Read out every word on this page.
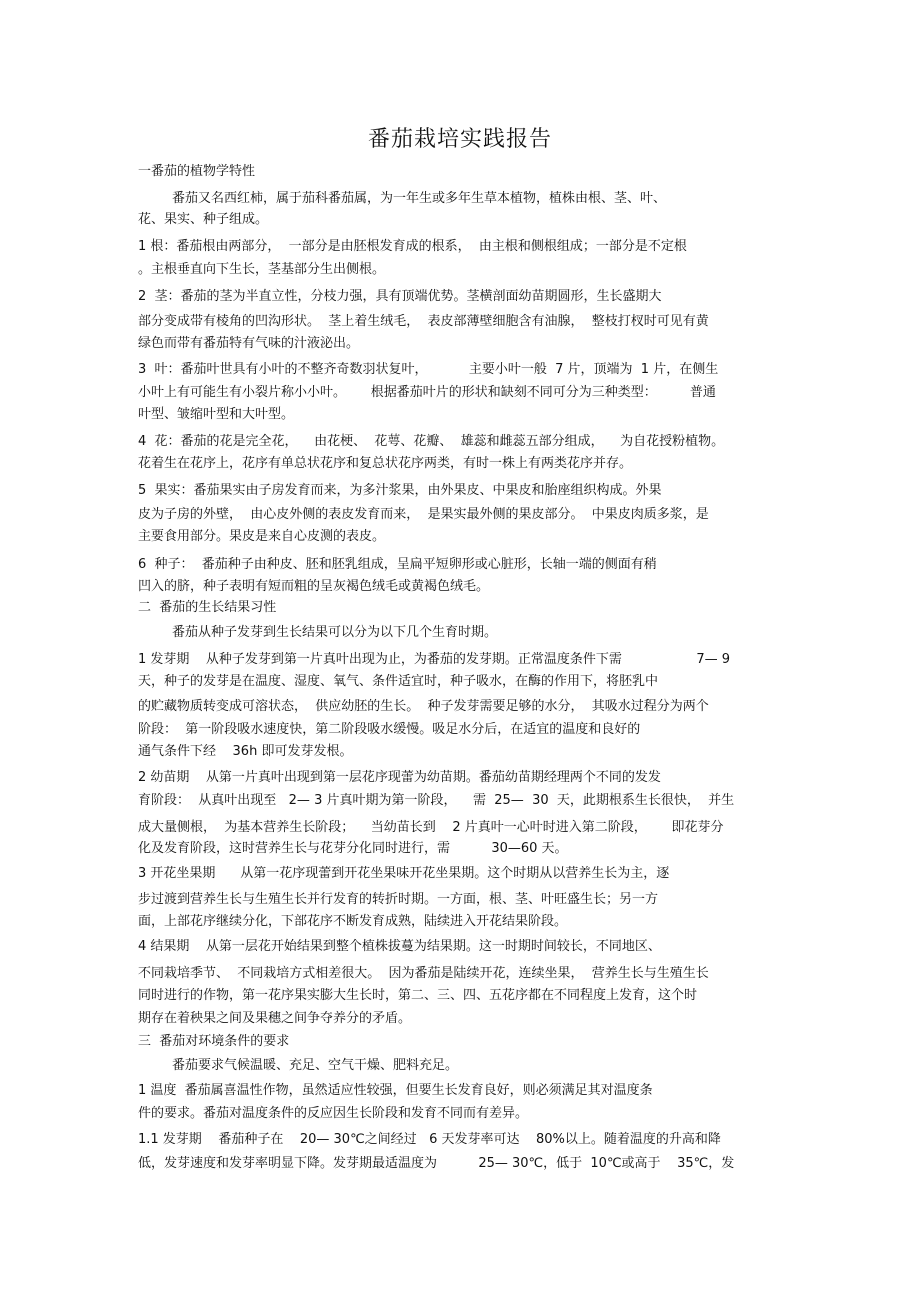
番茄栽培实践报告
一番茄的植物学特性
番茄又名西红柿，属于茄科番茄属，为一年生或多年生草本植物，植株由根、茎、叶、
花、果实、种子组成。
1 根：番茄根由两部分，  一部分是由胚根发育成的根系，  由主根和侧根组成；一部分是不定根
。主根垂直向下生长，茎基部分生出侧根。
2  茎：番茄的茎为半直立性，分枝力强，具有顶端优势。茎横剖面幼苗期圆形，生长盛期大
部分变成带有棱角的凹沟形状。  茎上着生绒毛，  表皮部薄壁细胞含有油腺，  整枝打杈时可见有黄
绿色而带有番茄特有气味的汁液泌出。
3  叶：番茄叶世具有小叶的不整齐奇数羽状复叶，          主要小叶一般  7 片，顶端为  1 片，在侧生
小叶上有可能生有小裂片称小小叶。      根据番茄叶片的形状和缺刻不同可分为三种类型：        普通
叶型、皱缩叶型和大叶型。
4  花：番茄的花是完全花，    由花梗、  花萼、花瓣、  雄蕊和雌蕊五部分组成，    为自花授粉植物。
花着生在花序上，花序有单总状花序和复总状花序两类，有时一株上有两类花序并存。
5  果实：番茄果实由子房发育而来，为多汁浆果，由外果皮、中果皮和胎座组织构成。外果
皮为子房的外壁，  由心皮外侧的表皮发育而来，  是果实最外侧的果皮部分。  中果皮肉质多浆，是
主要食用部分。果皮是来自心皮测的表皮。
6  种子：  番茄种子由种皮、胚和胚乳组成，呈扁平短卵形或心脏形，长轴一端的侧面有稍
凹入的脐，种子表明有短而粗的呈灰褐色绒毛或黄褐色绒毛。
二  番茄的生长结果习性
番茄从种子发芽到生长结果可以分为以下几个生育时期。
1 发芽期    从种子发芽到第一片真叶出现为止，为番茄的发芽期。正常温度条件下需                  7— 9
天，种子的发芽是在温度、湿度、氧气、条件适宜时，种子吸水，在酶的作用下，将胚乳中
的贮藏物质转变成可溶状态，  供应幼胚的生长。  种子发芽需要足够的水分，  其吸水过程分为两个
阶段：  第一阶段吸水速度快，第二阶段吸水缓慢。吸足水分后，在适宜的温度和良好的
通气条件下经    36h 即可发芽发根。
2 幼苗期    从第一片真叶出现到第一层花序现蕾为幼苗期。番茄幼苗期经理两个不同的发发
育阶段：  从真叶出现至   2— 3 片真叶期为第一阶段，    需  25—  30  天，此期根系生长很快，  并生
成大量侧根，  为基本营养生长阶段；    当幼苗长到    2 片真叶一心叶时进入第二阶段，      即花芽分
化及发育阶段，这时营养生长与花芽分化同时进行，需          30—60 天。
3 开花坐果期      从第一花序现蕾到开花坐果味开花坐果期。这个时期从以营养生长为主，逐
步过渡到营养生长与生殖生长并行发育的转折时期。一方面，根、茎、叶旺盛生长；另一方
面，上部花序继续分化，下部花序不断发育成熟，陆续进入开花结果阶段。
4 结果期    从第一层花开始结果到整个植株拔蔓为结果期。这一时期时间较长，不同地区、
不同栽培季节、  不同栽培方式相差很大。  因为番茄是陆续开花，连续坐果，  营养生长与生殖生长
同时进行的作物，第一花序果实膨大生长时，第二、三、四、五花序都在不同程度上发育，这个时
期存在着秧果之间及果穗之间争夺养分的矛盾。
三  番茄对环境条件的要求
番茄要求气候温暖、充足、空气干燥、肥料充足。
1 温度  番茄属喜温性作物，虽然适应性较强，但要生长发育良好，则必须满足其对温度条
件的要求。番茄对温度条件的反应因生长阶段和发育不同而有差异。
1.1 发芽期    番茄种子在    20— 30℃之间经过   6 天发芽率可达    80%以上。随着温度的升高和降
低，发芽速度和发芽率明显下降。发芽期最适温度为          25— 30℃，低于  10℃或高于    35℃，发
